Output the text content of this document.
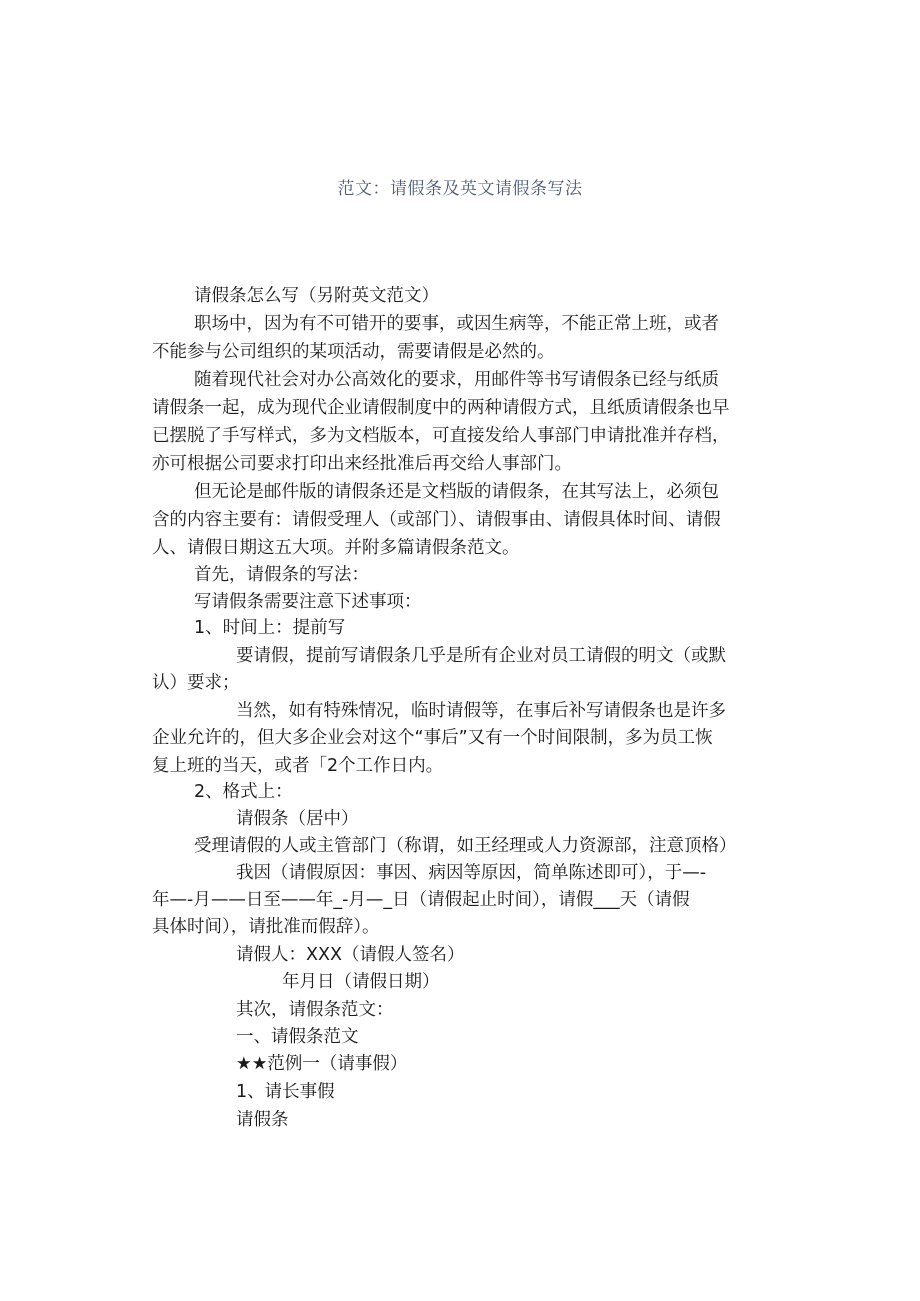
范文：请假条及英文请假条写法
请假条怎么写（另附英文范文）
职场中，因为有不可错开的要事，或因生病等，不能正常上班，或者
不能参与公司组织的某项活动，需要请假是必然的。
随着现代社会对办公高效化的要求，用邮件等书写请假条已经与纸质
请假条一起，成为现代企业请假制度中的两种请假方式，且纸质请假条也早
已摆脱了手写样式，多为文档版本，可直接发给人事部门申请批准并存档，
亦可根据公司要求打印出来经批准后再交给人事部门。
但无论是邮件版的请假条还是文档版的请假条，在其写法上，必须包
含的内容主要有：请假受理人（或部门）、请假事由、请假具体时间、请假
人、请假日期这五大项。并附多篇请假条范文。
首先，请假条的写法：
写请假条需要注意下述事项：
1、时间上：提前写
要请假，提前写请假条几乎是所有企业对员工请假的明文（或默
认）要求；
当然，如有特殊情况，临时请假等，在事后补写请假条也是许多
企业允许的，但大多企业会对这个“事后”又有一个时间限制，多为员工恢
复上班的当天，或者「2个工作日内。
2、格式上：
请假条（居中）
受理请假的人或主管部门（称谓，如王经理或人力资源部，注意顶格）
我因（请假原因：事因、病因等原因，简单陈述即可），于—-
年—-月——日至——年_-月—_日（请假起止时间），请假___天（请假
具体时间），请批准而假辞）。
请假人：XXX（请假人签名）
年月日（请假日期）
其次，请假条范文：
一、请假条范文
★★范例一（请事假）
1、请长事假
请假条
